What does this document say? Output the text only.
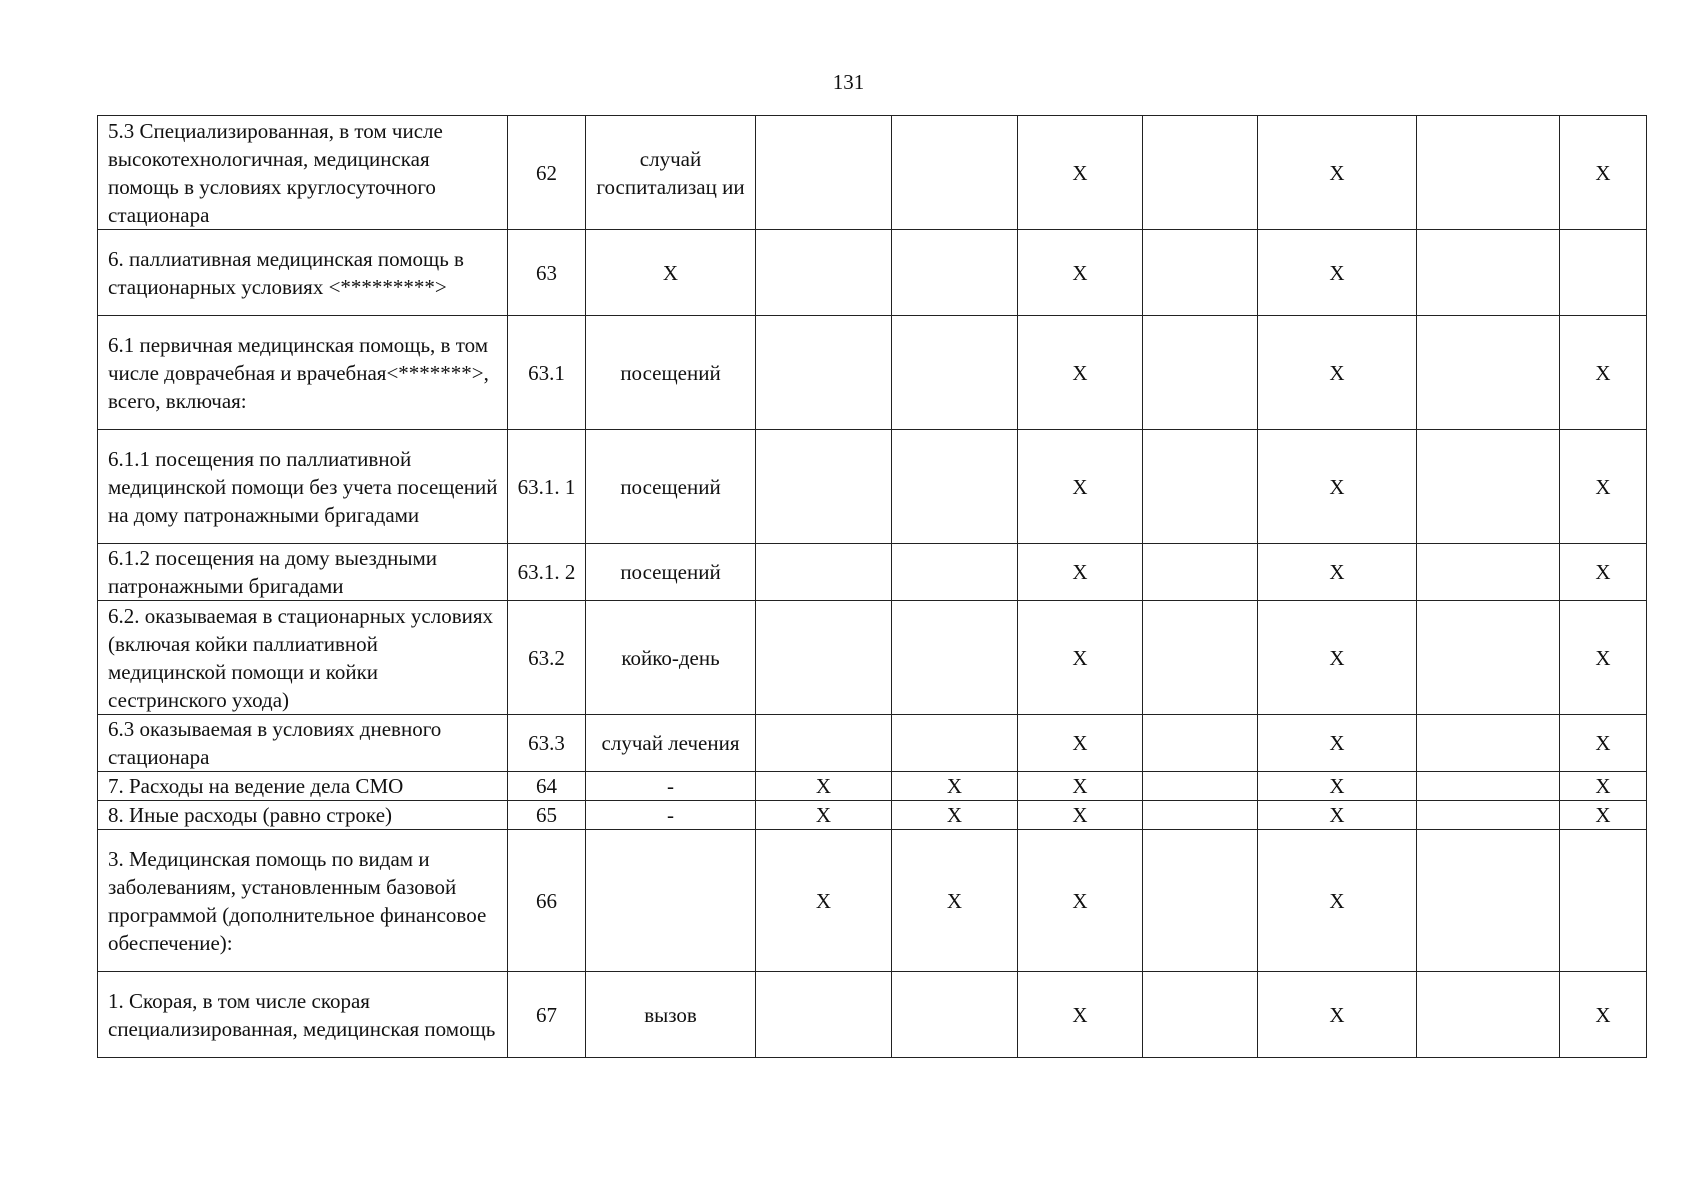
131
5.3 Специализированная, в том числе высокотехнологичная, медицинская помощь в условиях круглосуточного стационара	62	случай госпитализац ии			X		X		X
6. паллиативная медицинская помощь в стационарных условиях <*********>	63	X			X		X		
6.1 первичная медицинская помощь, в том числе доврачебная и врачебная<*******>, всего, включая:	63.1	посещений			X		X		X
6.1.1 посещения по паллиативной медицинской помощи без учета посещений на дому патронажными бригадами	63.1. 1	посещений			X		X		X
6.1.2 посещения на дому выездными патронажными бригадами	63.1. 2	посещений			X		X		X
6.2. оказываемая в стационарных условиях (включая койки паллиативной медицинской помощи и койки сестринского ухода)	63.2	койко-день			X		X		X
6.3 оказываемая в условиях дневного стационара	63.3	случай лечения			X		X		X
7. Расходы на ведение дела СМО	64	-	X	X	X		X		X
8. Иные расходы (равно строке)	65	-	X	X	X		X		X
3. Медицинская помощь по видам и заболеваниям, установленным базовой программой (дополнительное финансовое обеспечение):	66		X	X	X		X		
1. Скорая, в том числе скорая специализированная, медицинская помощь	67	вызов			X		X		X
